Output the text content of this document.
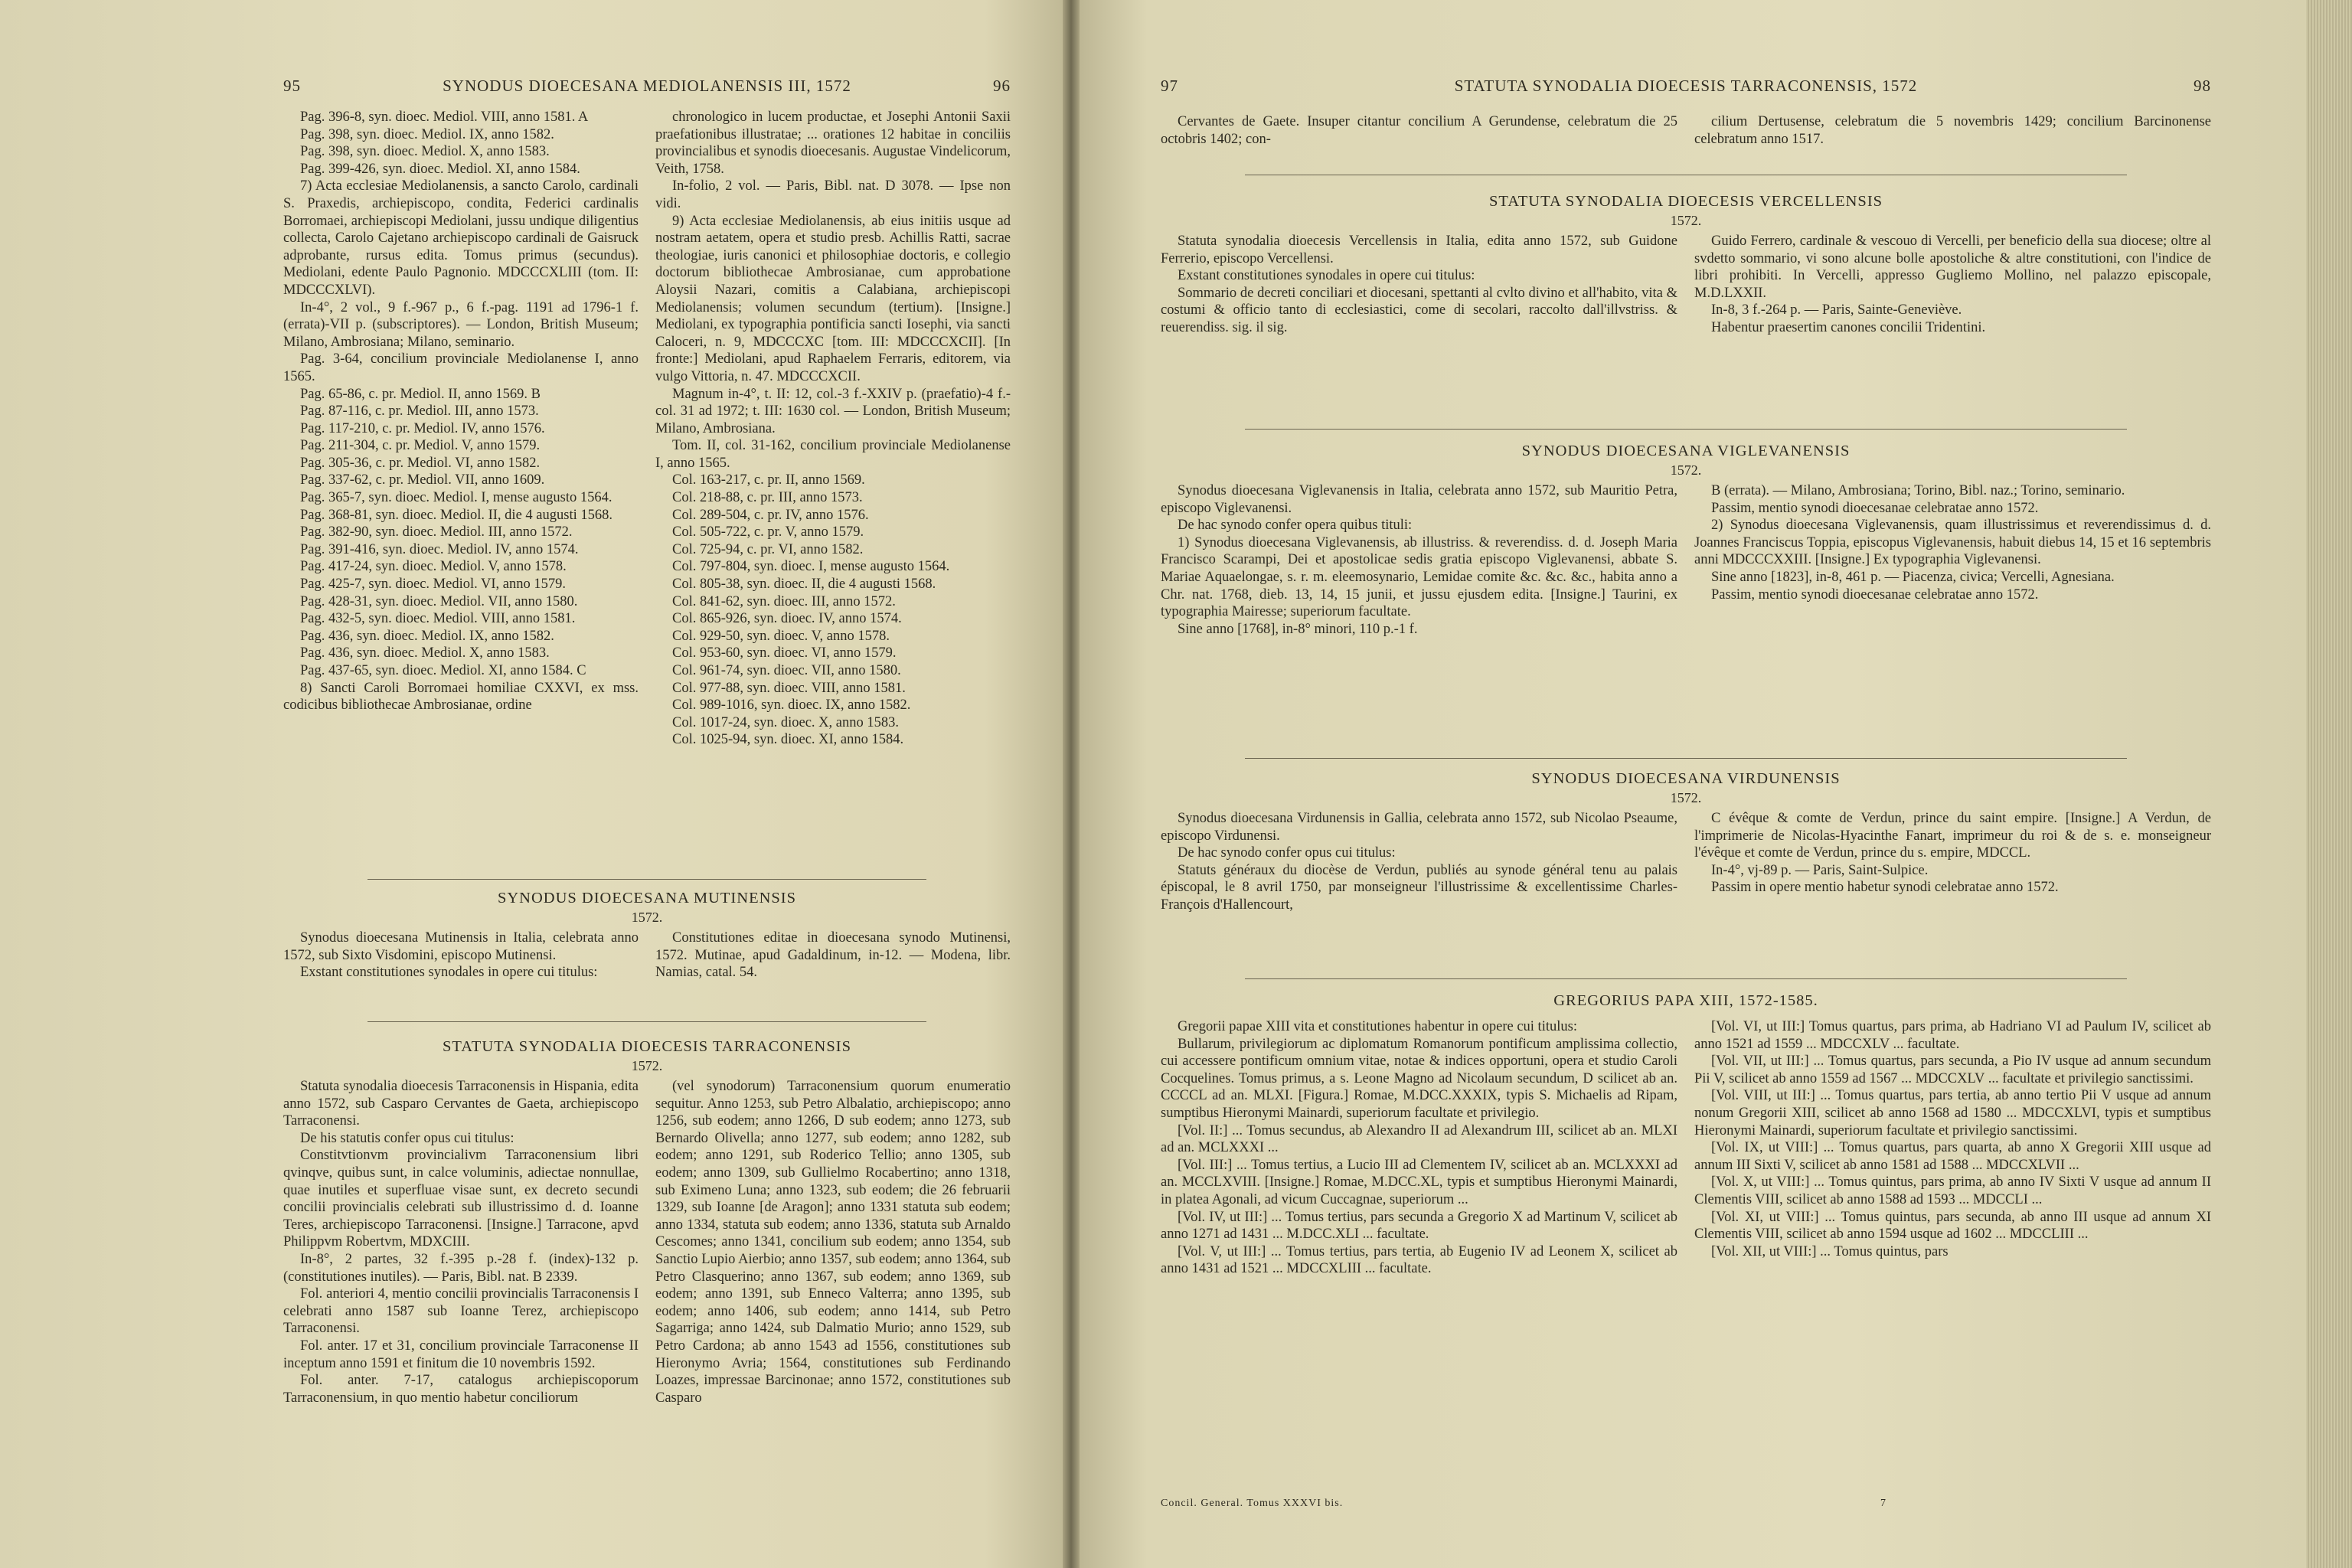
95	SYNODUS DIOECESANA MEDIOLANENSIS III, 1572	96

Pag. 396-8, syn. dioec. Mediol. VIII, anno 1581. A

Pag. 398, syn. dioec. Mediol. IX, anno 1582.

Pag. 398, syn. dioec. Mediol. X, anno 1583.

Pag. 399-426, syn. dioec. Mediol. XI, anno 1584.

7) Acta ecclesiae Mediolanensis, a sancto Carolo, cardinali S. Praxedis, archiepiscopo, condita, Federici cardinalis Borromaei, archiepiscopi Mediolani, jussu undique diligentius collecta, Carolo Cajetano archiepiscopo cardinali de Gaisruck adprobante, rursus edita. Tomus primus (secundus). Mediolani, edente Paulo Pagnonio. MDCCCXLIII (tom. II: MDCCCXLVI).

In-4°, 2 vol., 9 f.-967 p., 6 f.-pag. 1191 ad 1796-1 f. (errata)-VII p. (subscriptores). — London, British Museum; Milano, Ambrosiana; Milano, seminario.

Pag. 3-64, concilium provinciale Mediolanense I, anno 1565.

Pag. 65-86, c. pr. Mediol. II, anno 1569. B

Pag. 87-116, c. pr. Mediol. III, anno 1573.

Pag. 117-210, c. pr. Mediol. IV, anno 1576.

Pag. 211-304, c. pr. Mediol. V, anno 1579.

Pag. 305-36, c. pr. Mediol. VI, anno 1582.

Pag. 337-62, c. pr. Mediol. VII, anno 1609.

Pag. 365-7, syn. dioec. Mediol. I, mense augusto 1564.

Pag. 368-81, syn. dioec. Mediol. II, die 4 augusti 1568.

Pag. 382-90, syn. dioec. Mediol. III, anno 1572.

Pag. 391-416, syn. dioec. Mediol. IV, anno 1574.

Pag. 417-24, syn. dioec. Mediol. V, anno 1578.

Pag. 425-7, syn. dioec. Mediol. VI, anno 1579.

Pag. 428-31, syn. dioec. Mediol. VII, anno 1580.

Pag. 432-5, syn. dioec. Mediol. VIII, anno 1581.

Pag. 436, syn. dioec. Mediol. IX, anno 1582.

Pag. 436, syn. dioec. Mediol. X, anno 1583.

Pag. 437-65, syn. dioec. Mediol. XI, anno 1584. C

8) Sancti Caroli Borromaei homiliae CXXVI, ex mss. codicibus bibliothecae Ambrosianae, ordine

chronologico in lucem productae, et Josephi Antonii Saxii praefationibus illustratae; ... orationes 12 habitae in conciliis provincialibus et synodis dioecesanis. Augustae Vindelicorum, Veith, 1758.

In-folio, 2 vol. — Paris, Bibl. nat. D 3078. — Ipse non vidi.

9) Acta ecclesiae Mediolanensis, ab eius initiis usque ad nostram aetatem, opera et studio presb. Achillis Ratti, sacrae theologiae, iuris canonici et philosophiae doctoris, e collegio doctorum bibliothecae Ambrosianae, cum approbatione Aloysii Nazari, comitis a Calabiana, archiepiscopi Mediolanensis; volumen secundum (tertium). [Insigne.] Mediolani, ex typographia pontificia sancti Iosephi, via sancti Caloceri, n. 9, MDCCCXC [tom. III: MDCCCXCII]. [In fronte:] Mediolani, apud Raphaelem Ferraris, editorem, via vulgo Vittoria, n. 47. MDCCCXCII.

Magnum in-4°, t. II: 12, col.-3 f.-XXIV p. (praefatio)-4 f.-col. 31 ad 1972; t. III: 1630 col. — London, British Museum; Milano, Ambrosiana.

Tom. II, col. 31-162, concilium provinciale Mediolanense I, anno 1565.

Col. 163-217, c. pr. II, anno 1569.

Col. 218-88, c. pr. III, anno 1573.

Col. 289-504, c. pr. IV, anno 1576.

Col. 505-722, c. pr. V, anno 1579.

Col. 725-94, c. pr. VI, anno 1582.

Col. 797-804, syn. dioec. I, mense augusto 1564.

Col. 805-38, syn. dioec. II, die 4 augusti 1568.

Col. 841-62, syn. dioec. III, anno 1572.

Col. 865-926, syn. dioec. IV, anno 1574.

Col. 929-50, syn. dioec. V, anno 1578.

Col. 953-60, syn. dioec. VI, anno 1579.

Col. 961-74, syn. dioec. VII, anno 1580.

Col. 977-88, syn. dioec. VIII, anno 1581.

Col. 989-1016, syn. dioec. IX, anno 1582.

Col. 1017-24, syn. dioec. X, anno 1583.

Col. 1025-94, syn. dioec. XI, anno 1584.

SYNODUS DIOECESANA MUTINENSIS
1572.

Synodus dioecesana Mutinensis in Italia, celebrata anno 1572, sub Sixto Visdomini, episcopo Mutinensi.

Exstant constitutiones synodales in opere cui titulus:

Constitutiones editae in dioecesana synodo Mutinensi, 1572. Mutinae, apud Gadaldinum, in-12. — Modena, libr. Namias, catal. 54.

STATUTA SYNODALIA DIOECESIS TARRACONENSIS
1572.

Statuta synodalia dioecesis Tarraconensis in Hispania, edita anno 1572, sub Casparo Cervantes de Gaeta, archiepiscopo Tarraconensi.

De his statutis confer opus cui titulus:

Constitvtionvm provincialivm Tarraconensium libri qvinqve, quibus sunt, in calce voluminis, adiectae nonnullae, quae inutiles et superfluae visae sunt, ex decreto secundi concilii provincialis celebrati sub illustrissimo d. d. Ioanne Teres, archiepiscopo Tarraconensi. [Insigne.] Tarracone, apvd Philippvm Robertvm, MDXCIII.

In-8°, 2 partes, 32 f.-395 p.-28 f. (index)-132 p. (constitutiones inutiles). — Paris, Bibl. nat. B 2339.

Fol. anteriori 4, mentio concilii provincialis Tarraconensis I celebrati anno 1587 sub Ioanne Terez, archiepiscopo Tarraconensi.

Fol. anter. 17 et 31, concilium provinciale Tarraconense II inceptum anno 1591 et finitum die 10 novembris 1592.

Fol. anter. 7-17, catalogus archiepiscoporum Tarraconensium, in quo mentio habetur conciliorum

(vel synodorum) Tarraconensium quorum enumeratio sequitur. Anno 1253, sub Petro Albalatio, archiepiscopo; anno 1256, sub eodem; anno 1266, D sub eodem; anno 1273, sub Bernardo Olivella; anno 1277, sub eodem; anno 1282, sub eodem; anno 1291, sub Roderico Tellio; anno 1305, sub eodem; anno 1309, sub Gullielmo Rocabertino; anno 1318, sub Eximeno Luna; anno 1323, sub eodem; die 26 februarii 1329, sub Ioanne [de Aragon]; anno 1331 statuta sub eodem; anno 1334, statuta sub eodem; anno 1336, statuta sub Arnaldo Cescomes; anno 1341, concilium sub eodem; anno 1354, sub Sanctio Lupio Aierbio; anno 1357, sub eodem; anno 1364, sub Petro Clasquerino; anno 1367, sub eodem; anno 1369, sub eodem; anno 1391, sub Enneco Valterra; anno 1395, sub eodem; anno 1406, sub eodem; anno 1414, sub Petro Sagarriga; anno 1424, sub Dalmatio Murio; anno 1529, sub Petro Cardona; ab anno 1543 ad 1556, constitutiones sub Hieronymo Avria; 1564, constitutiones sub Ferdinando Loazes, impressae Barcinonae; anno 1572, constitutiones sub Casparo

97	STATUTA SYNODALIA DIOECESIS TARRACONENSIS, 1572	98

Cervantes de Gaete. Insuper citantur concilium A Gerundense, celebratum die 25 octobris 1402; con-

cilium Dertusense, celebratum die 5 novembris 1429; concilium Barcinonense celebratum anno 1517.

STATUTA SYNODALIA DIOECESIS VERCELLENSIS
1572.

Statuta synodalia dioecesis Vercellensis in Italia, edita anno 1572, sub Guidone Ferrerio, episcopo Vercellensi.

Exstant constitutiones synodales in opere cui titulus:

Sommario de decreti conciliari et diocesani, spettanti al cvlto divino et all'habito, vita & costumi & officio tanto di ecclesiastici, come di secolari, raccolto dall'illvstriss. & reuerendiss. sig. il sig.

Guido Ferrero, cardinale & vescouo di Vercelli, per beneficio della sua diocese; oltre al svdetto sommario, vi sono alcune bolle apostoliche & altre constitutioni, con l'indice de libri prohibiti. In Vercelli, appresso Gugliemo Mollino, nel palazzo episcopale, M.D.LXXII.

In-8, 3 f.-264 p. — Paris, Sainte-Geneviève.

Habentur praesertim canones concilii Tridentini.

SYNODUS DIOECESANA VIGLEVANENSIS
1572.

Synodus dioecesana Viglevanensis in Italia, celebrata anno 1572, sub Mauritio Petra, episcopo Viglevanensi.

De hac synodo confer opera quibus tituli:

1) Synodus dioecesana Viglevanensis, ab illustriss. & reverendiss. d. d. Joseph Maria Francisco Scarampi, Dei et apostolicae sedis gratia episcopo Viglevanensi, abbate S. Mariae Aquaelongae, s. r. m. eleemosynario, Lemidae comite &c. &c. &c., habita anno a Chr. nat. 1768, dieb. 13, 14, 15 junii, et jussu ejusdem edita. [Insigne.] Taurini, ex typographia Mairesse; superiorum facultate.

Sine anno [1768], in-8° minori, 110 p.-1 f.

B (errata). — Milano, Ambrosiana; Torino, Bibl. naz.; Torino, seminario.

Passim, mentio synodi dioecesanae celebratae anno 1572.

2) Synodus dioecesana Viglevanensis, quam illustrissimus et reverendissimus d. d. Joannes Franciscus Toppia, episcopus Viglevanensis, habuit diebus 14, 15 et 16 septembris anni MDCCCXXIII. [Insigne.] Ex typographia Viglevanensi.

Sine anno [1823], in-8, 461 p. — Piacenza, civica; Vercelli, Agnesiana.

Passim, mentio synodi dioecesanae celebratae anno 1572.

SYNODUS DIOECESANA VIRDUNENSIS
1572.

Synodus dioecesana Virdunensis in Gallia, celebrata anno 1572, sub Nicolao Pseaume, episcopo Virdunensi.

De hac synodo confer opus cui titulus:

Statuts généraux du diocèse de Verdun, publiés au synode général tenu au palais épiscopal, le 8 avril 1750, par monseigneur l'illustrissime & excellentissime Charles-François d'Hallencourt,

C évêque & comte de Verdun, prince du saint empire. [Insigne.] A Verdun, de l'imprimerie de Nicolas-Hyacinthe Fanart, imprimeur du roi & de s. e. monseigneur l'évêque et comte de Verdun, prince du s. empire, MDCCL.

In-4°, vj-89 p. — Paris, Saint-Sulpice.

Passim in opere mentio habetur synodi celebratae anno 1572.

GREGORIUS PAPA XIII, 1572-1585.

Gregorii papae XIII vita et constitutiones habentur in opere cui titulus:

Bullarum, privilegiorum ac diplomatum Romanorum pontificum amplissima collectio, cui accessere pontificum omnium vitae, notae & indices opportuni, opera et studio Caroli Cocquelines. Tomus primus, a s. Leone Magno ad Nicolaum secundum, D scilicet ab an. CCCCL ad an. MLXI. [Figura.] Romae, M.DCC.XXXIX, typis S. Michaelis ad Ripam, sumptibus Hieronymi Mainardi, superiorum facultate et privilegio.

[Vol. II:] ... Tomus secundus, ab Alexandro II ad Alexandrum III, scilicet ab an. MLXI ad an. MCLXXXI ...

[Vol. III:] ... Tomus tertius, a Lucio III ad Clementem IV, scilicet ab an. MCLXXXI ad an. MCCLXVIII. [Insigne.] Romae, M.DCC.XL, typis et sumptibus Hieronymi Mainardi, in platea Agonali, ad vicum Cuccagnae, superiorum ...

[Vol. IV, ut III:] ... Tomus tertius, pars secunda a Gregorio X ad Martinum V, scilicet ab anno 1271 ad 1431 ... M.DCC.XLI ... facultate.

[Vol. V, ut III:] ... Tomus tertius, pars tertia, ab Eugenio IV ad Leonem X, scilicet ab anno 1431 ad 1521 ... MDCCXLIII ... facultate.

[Vol. VI, ut III:] Tomus quartus, pars prima, ab Hadriano VI ad Paulum IV, scilicet ab anno 1521 ad 1559 ... MDCCXLV ... facultate.

[Vol. VII, ut III:] ... Tomus quartus, pars secunda, a Pio IV usque ad annum secundum Pii V, scilicet ab anno 1559 ad 1567 ... MDCCXLV ... facultate et privilegio sanctissimi.

[Vol. VIII, ut III:] ... Tomus quartus, pars tertia, ab anno tertio Pii V usque ad annum nonum Gregorii XIII, scilicet ab anno 1568 ad 1580 ... MDCCXLVI, typis et sumptibus Hieronymi Mainardi, superiorum facultate et privilegio sanctissimi.

[Vol. IX, ut VIII:] ... Tomus quartus, pars quarta, ab anno X Gregorii XIII usque ad annum III Sixti V, scilicet ab anno 1581 ad 1588 ... MDCCXLVII ...

[Vol. X, ut VIII:] ... Tomus quintus, pars prima, ab anno IV Sixti V usque ad annum II Clementis VIII, scilicet ab anno 1588 ad 1593 ... MDCCLI ...

[Vol. XI, ut VIII:] ... Tomus quintus, pars secunda, ab anno III usque ad annum XI Clementis VIII, scilicet ab anno 1594 usque ad 1602 ... MDCCLIII ...

[Vol. XII, ut VIII:] ... Tomus quintus, pars

Concil. General. Tomus XXXVI bis.	7
